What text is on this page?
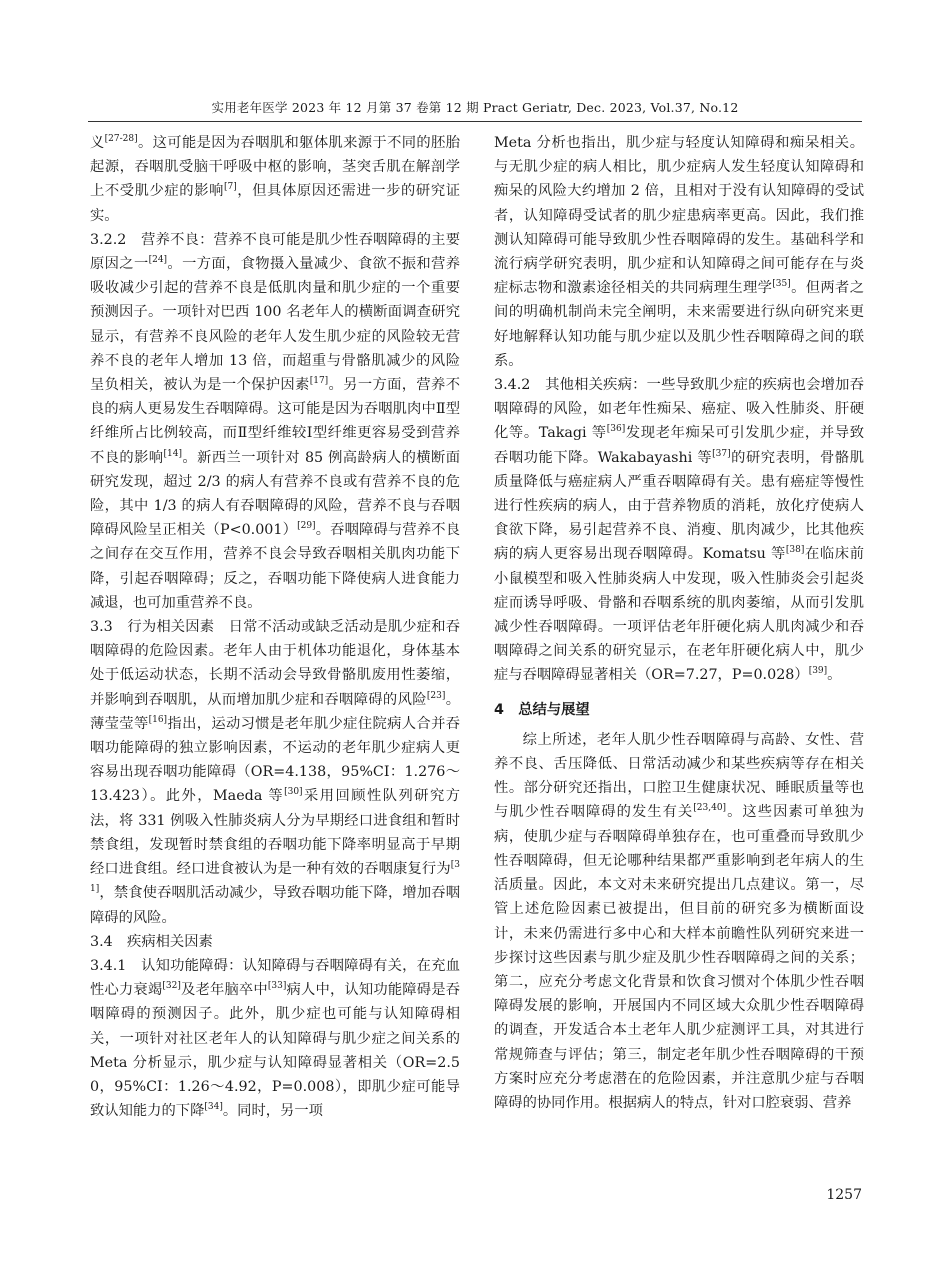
实用老年医学 2023 年 12 月第 37 卷第 12 期 Pract Geriatr, Dec. 2023, Vol.37, No.12

义[27-28]。这可能是因为吞咽肌和躯体肌来源于不同的胚胎起源，吞咽肌受脑干呼吸中枢的影响，茎突舌肌在解剖学上不受肌少症的影响[7]，但具体原因还需进一步的研究证实。

3.2.2　营养不良：营养不良可能是肌少性吞咽障碍的主要原因之一[24]。一方面，食物摄入量减少、食欲不振和营养吸收减少引起的营养不良是低肌肉量和肌少症的一个重要预测因子。一项针对巴西 100 名老年人的横断面调查研究显示，有营养不良风险的老年人发生肌少症的风险较无营养不良的老年人增加 13 倍，而超重与骨骼肌减少的风险呈负相关，被认为是一个保护因素[17]。另一方面，营养不良的病人更易发生吞咽障碍。这可能是因为吞咽肌肉中Ⅱ型纤维所占比例较高，而Ⅱ型纤维较Ⅰ型纤维更容易受到营养不良的影响[14]。新西兰一项针对 85 例高龄病人的横断面研究发现，超过 2/3 的病人有营养不良或有营养不良的危险，其中 1/3 的病人有吞咽障碍的风险，营养不良与吞咽障碍风险呈正相关（P<0.001）[29]。吞咽障碍与营养不良之间存在交互作用，营养不良会导致吞咽相关肌肉功能下降，引起吞咽障碍；反之，吞咽功能下降使病人进食能力减退，也可加重营养不良。

3.3　行为相关因素　日常不活动或缺乏活动是肌少症和吞咽障碍的危险因素。老年人由于机体功能退化，身体基本处于低运动状态，长期不活动会导致骨骼肌废用性萎缩，并影响到吞咽肌，从而增加肌少症和吞咽障碍的风险[23]。薄莹莹等[16]指出，运动习惯是老年肌少症住院病人合并吞咽功能障碍的独立影响因素，不运动的老年肌少症病人更容易出现吞咽功能障碍（OR=4.138，95%CI：1.276～13.423）。此外，Maeda 等[30]采用回顾性队列研究方法，将 331 例吸入性肺炎病人分为早期经口进食组和暂时禁食组，发现暂时禁食组的吞咽功能下降率明显高于早期经口进食组。经口进食被认为是一种有效的吞咽康复行为[31]，禁食使吞咽肌活动减少，导致吞咽功能下降，增加吞咽障碍的风险。

3.4　疾病相关因素

3.4.1　认知功能障碍：认知障碍与吞咽障碍有关，在充血性心力衰竭[32]及老年脑卒中[33]病人中，认知功能障碍是吞咽障碍的预测因子。此外，肌少症也可能与认知障碍相关，一项针对社区老年人的认知障碍与肌少症之间关系的 Meta 分析显示，肌少症与认知障碍显著相关（OR=2.50，95%CI：1.26～4.92，P=0.008），即肌少症可能导致认知能力的下降[34]。同时，另一项

Meta 分析也指出，肌少症与轻度认知障碍和痴呆相关。与无肌少症的病人相比，肌少症病人发生轻度认知障碍和痴呆的风险大约增加 2 倍，且相对于没有认知障碍的受试者，认知障碍受试者的肌少症患病率更高。因此，我们推测认知障碍可能导致肌少性吞咽障碍的发生。基础科学和流行病学研究表明，肌少症和认知障碍之间可能存在与炎症标志物和激素途径相关的共同病理生理学[35]。但两者之间的明确机制尚未完全阐明，未来需要进行纵向研究来更好地解释认知功能与肌少症以及肌少性吞咽障碍之间的联系。

3.4.2　其他相关疾病：一些导致肌少症的疾病也会增加吞咽障碍的风险，如老年性痴呆、癌症、吸入性肺炎、肝硬化等。Takagi 等[36]发现老年痴呆可引发肌少症，并导致吞咽功能下降。Wakabayashi 等[37]的研究表明，骨骼肌质量降低与癌症病人严重吞咽障碍有关。患有癌症等慢性进行性疾病的病人，由于营养物质的消耗，放化疗使病人食欲下降，易引起营养不良、消瘦、肌肉减少，比其他疾病的病人更容易出现吞咽障碍。Komatsu 等[38]在临床前小鼠模型和吸入性肺炎病人中发现，吸入性肺炎会引起炎症而诱导呼吸、骨骼和吞咽系统的肌肉萎缩，从而引发肌减少性吞咽障碍。一项评估老年肝硬化病人肌肉减少和吞咽障碍之间关系的研究显示，在老年肝硬化病人中，肌少症与吞咽障碍显著相关（OR=7.27，P=0.028）[39]。

4　总结与展望

综上所述，老年人肌少性吞咽障碍与高龄、女性、营养不良、舌压降低、日常活动减少和某些疾病等存在相关性。部分研究还指出，口腔卫生健康状况、睡眠质量等也与肌少性吞咽障碍的发生有关[23,40]。这些因素可单独为病，使肌少症与吞咽障碍单独存在，也可重叠而导致肌少性吞咽障碍，但无论哪种结果都严重影响到老年病人的生活质量。因此，本文对未来研究提出几点建议。第一，尽管上述危险因素已被提出，但目前的研究多为横断面设计，未来仍需进行多中心和大样本前瞻性队列研究来进一步探讨这些因素与肌少症及肌少性吞咽障碍之间的关系；第二，应充分考虑文化背景和饮食习惯对个体肌少性吞咽障碍发展的影响，开展国内不同区域大众肌少性吞咽障碍的调查，开发适合本土老年人肌少症测评工具，对其进行常规筛查与评估；第三，制定老年肌少性吞咽障碍的干预方案时应充分考虑潜在的危险因素，并注意肌少症与吞咽障碍的协同作用。根据病人的特点，针对口腔衰弱、营养

1257
